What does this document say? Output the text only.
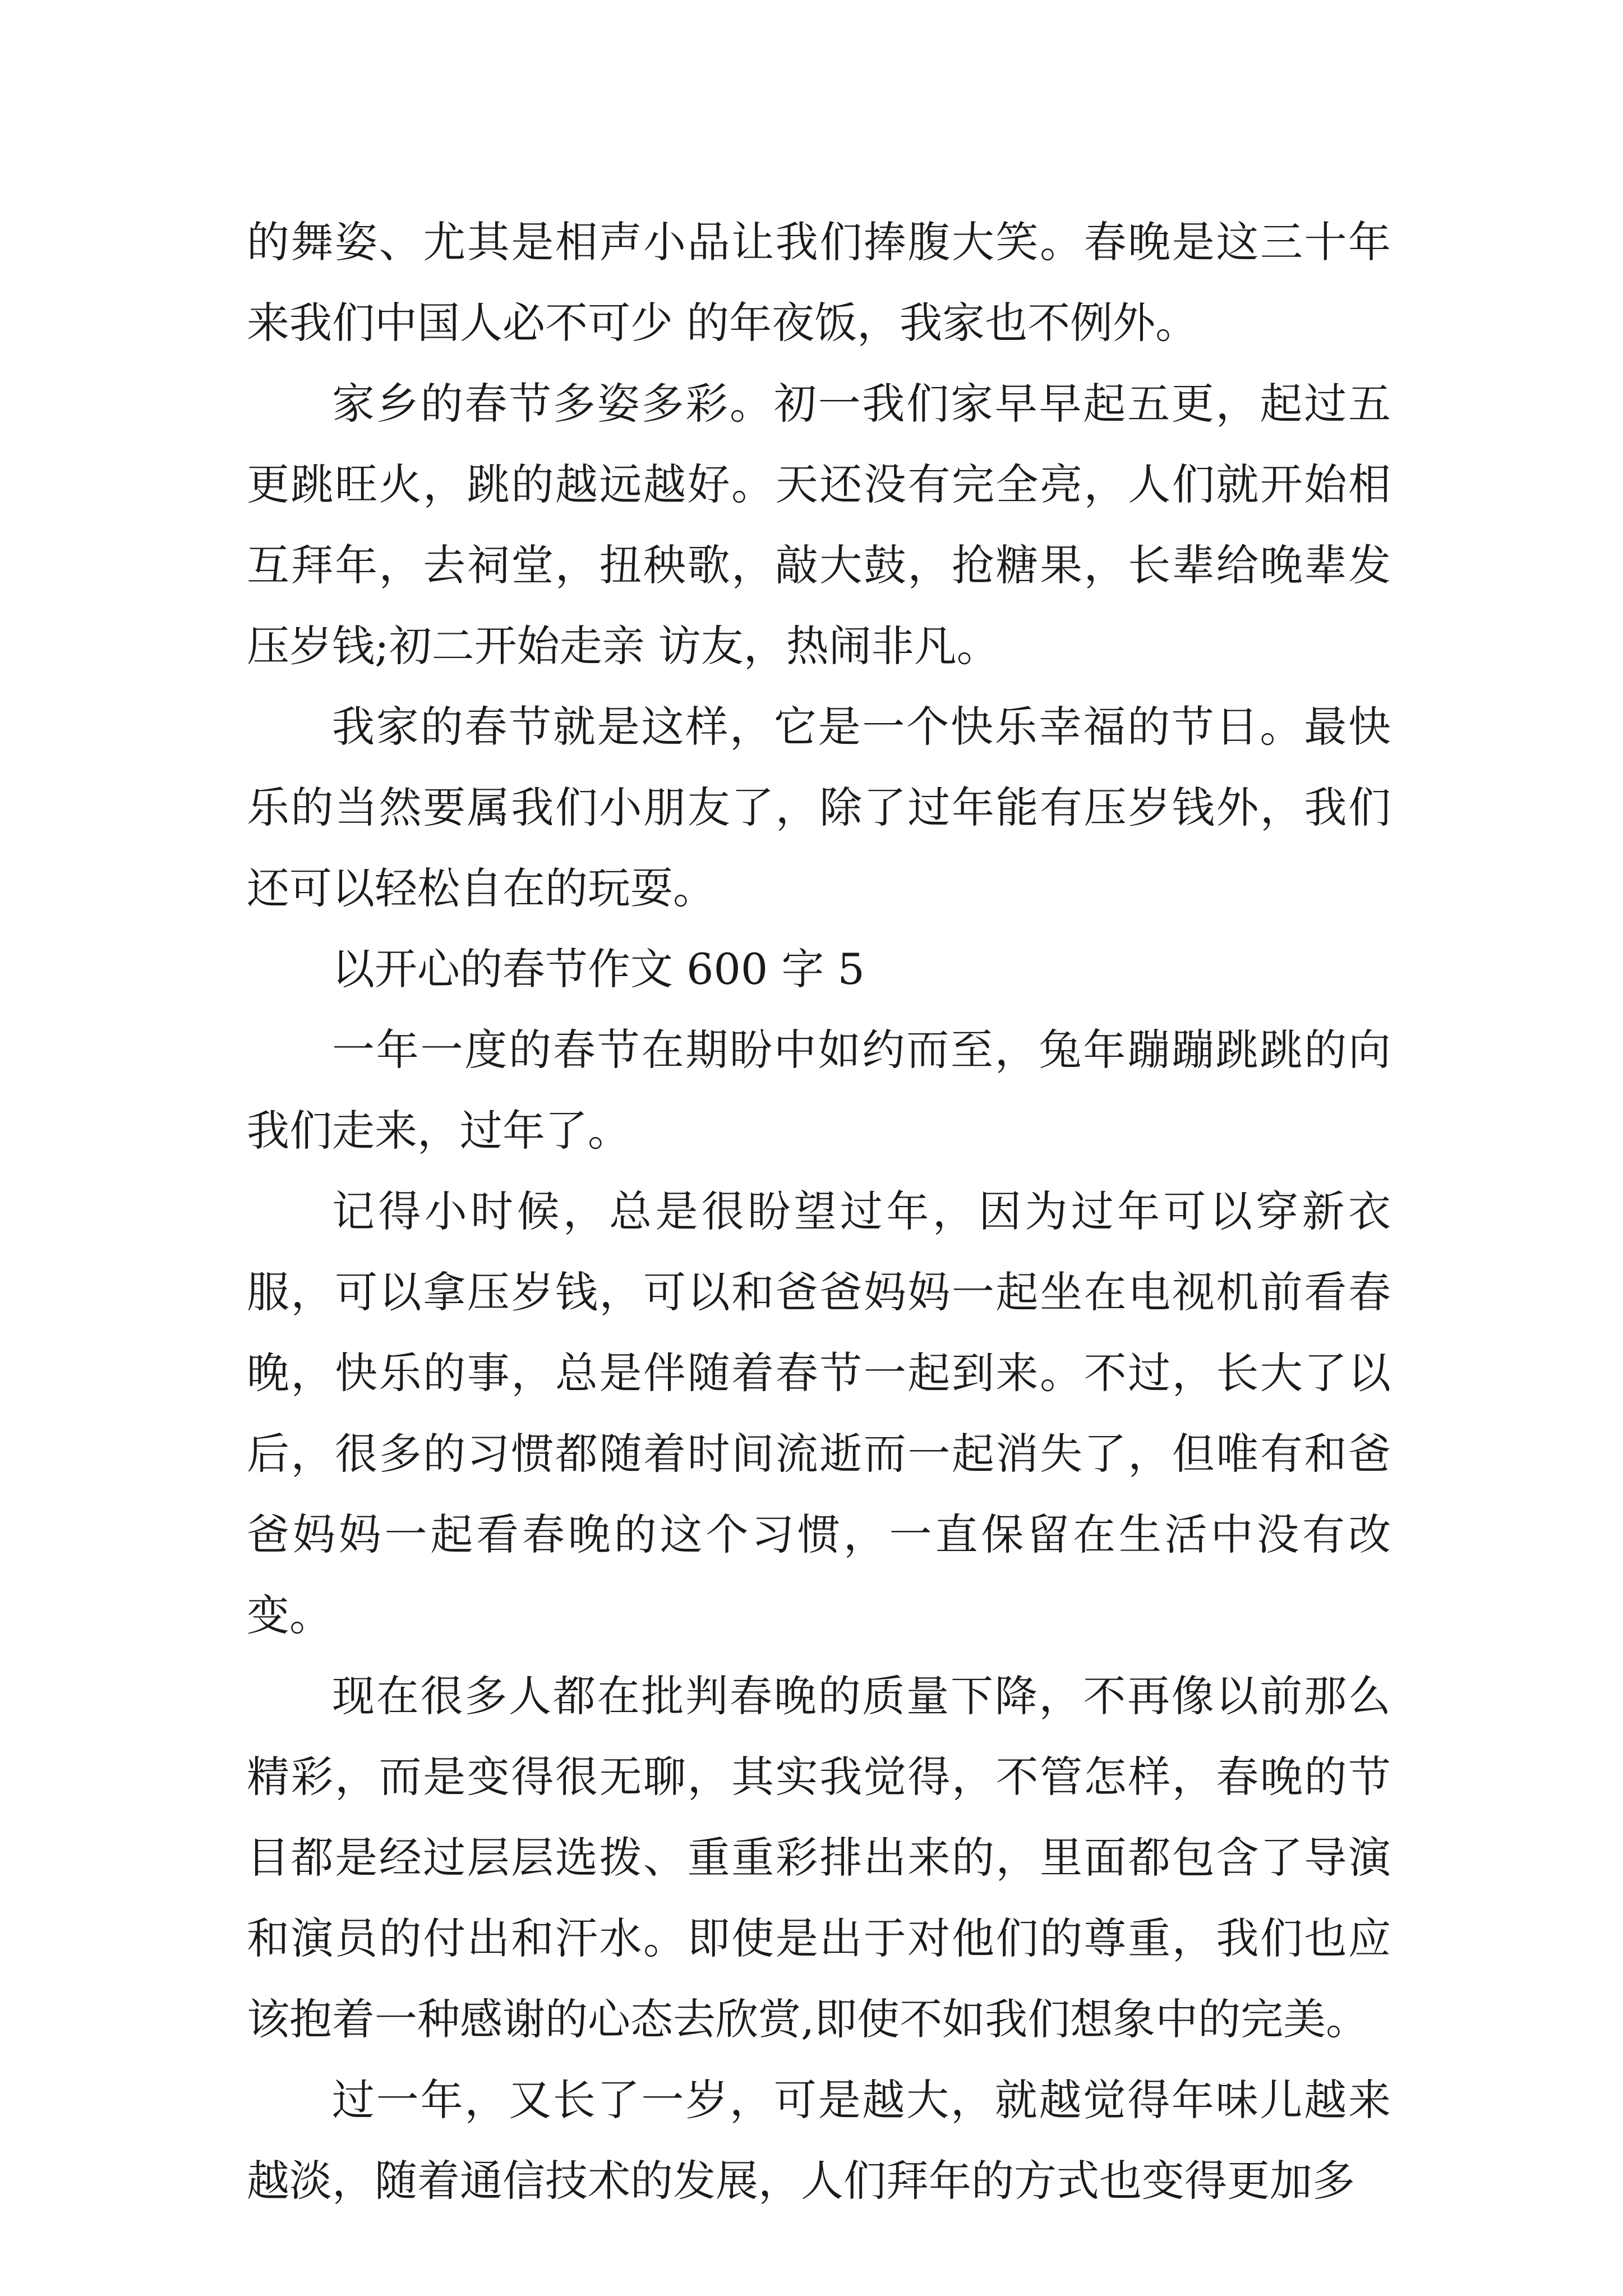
的舞姿、尤其是相声小品让我们捧腹大笑。春晚是这三十年来我们中国人必不可少 的年夜饭，我家也不例外。

家乡的春节多姿多彩。初一我们家早早起五更，起过五更跳旺火，跳的越远越好。天还没有完全亮，人们就开始相互拜年，去祠堂，扭秧歌，敲大鼓，抢糖果，长辈给晚辈发压岁钱;初二开始走亲 访友，热闹非凡。

我家的春节就是这样，它是一个快乐幸福的节日。最快乐的当然要属我们小朋友了，除了过年能有压岁钱外，我们还可以轻松自在的玩耍。

以开心的春节作文 600 字 5

一年一度的春节在期盼中如约而至，兔年蹦蹦跳跳的向我们走来，过年了。

记得小时候，总是很盼望过年，因为过年可以穿新衣服，可以拿压岁钱，可以和爸爸妈妈一起坐在电视机前看春晚，快乐的事，总是伴随着春节一起到来。不过，长大了以后，很多的习惯都随着时间流逝而一起消失了，但唯有和爸爸妈妈一起看春晚的这个习惯，一直保留在生活中没有改变。

现在很多人都在批判春晚的质量下降，不再像以前那么精彩，而是变得很无聊，其实我觉得，不管怎样，春晚的节目都是经过层层选拨、重重彩排出来的，里面都包含了导演和演员的付出和汗水。即使是出于对他们的尊重，我们也应该抱着一种感谢的心态去欣赏,即使不如我们想象中的完美。

过一年，又长了一岁，可是越大，就越觉得年味儿越来越淡，随着通信技术的发展，人们拜年的方式也变得更加多
